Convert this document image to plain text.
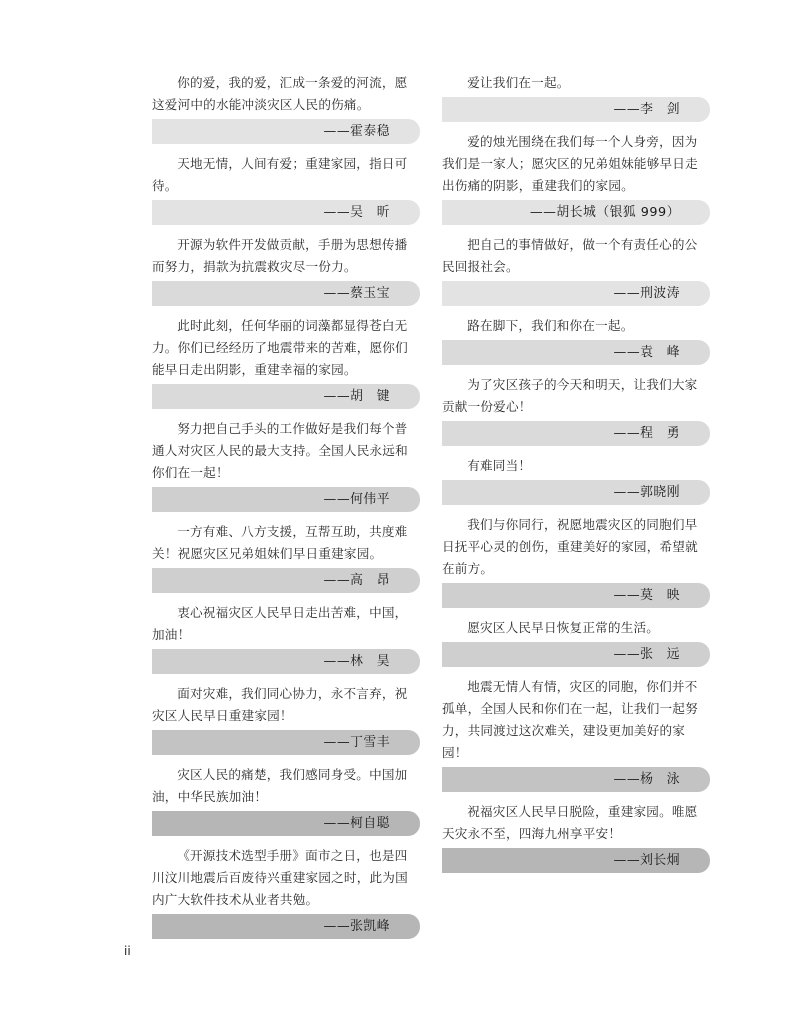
你的爱，我的爱，汇成一条爱的河流，愿这爱河中的水能冲淡灾区人民的伤痛。
——霍泰稳
天地无情，人间有爱；重建家园，指日可待。
——吴　昕
开源为软件开发做贡献，手册为思想传播而努力，捐款为抗震救灾尽一份力。
——蔡玉宝
此时此刻，任何华丽的词藻都显得苍白无力。你们已经经历了地震带来的苦难，愿你们能早日走出阴影，重建幸福的家园。
——胡　键
努力把自己手头的工作做好是我们每个普通人对灾区人民的最大支持。全国人民永远和你们在一起！
——何伟平
一方有难、八方支援，互帮互助，共度难关！祝愿灾区兄弟姐妹们早日重建家园。
——高　昂
衷心祝福灾区人民早日走出苦难，中国，加油！
——林　昊
面对灾难，我们同心协力，永不言弃，祝灾区人民早日重建家园！
——丁雪丰
灾区人民的痛楚，我们感同身受。中国加油，中华民族加油！
——柯自聪
《开源技术选型手册》面市之日，也是四川汶川地震后百废待兴重建家园之时，此为国内广大软件技术从业者共勉。
——张凯峰
爱让我们在一起。
——李　剑
爱的烛光围绕在我们每一个人身旁，因为我们是一家人；愿灾区的兄弟姐妹能够早日走出伤痛的阴影，重建我们的家园。
——胡长城（银狐 999）
把自己的事情做好，做一个有责任心的公民回报社会。
——刑波涛
路在脚下，我们和你在一起。
——袁　峰
为了灾区孩子的今天和明天，让我们大家贡献一份爱心！
——程　勇
有难同当！
——郭晓刚
我们与你同行，祝愿地震灾区的同胞们早日抚平心灵的创伤，重建美好的家园，希望就在前方。
——莫　映
愿灾区人民早日恢复正常的生活。
——张　远
地震无情人有情，灾区的同胞，你们并不孤单，全国人民和你们在一起，让我们一起努力，共同渡过这次难关，建设更加美好的家园！
——杨　泳
祝福灾区人民早日脱险，重建家园。唯愿天灾永不至，四海九州享平安！
——刘长炯
ii
